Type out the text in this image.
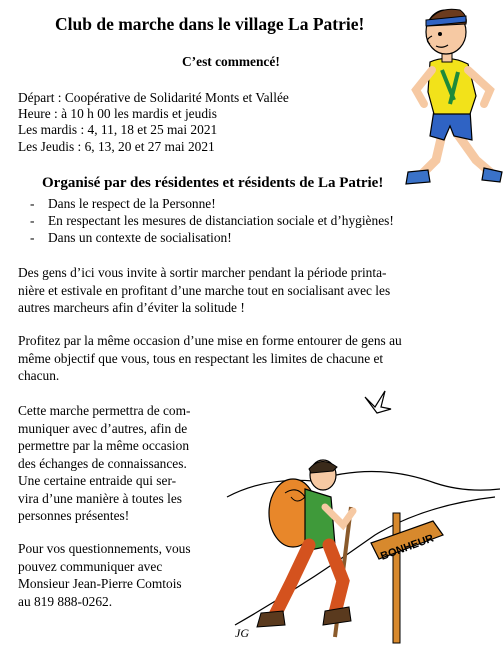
Club de marche dans le village La Patrie!
C’est commencé!
Départ : Coopérative de Solidarité Monts et Vallée
Heure : à 10 h 00 les mardis et jeudis
Les mardis : 4, 11, 18 et 25 mai 2021
Les Jeudis : 6, 13, 20 et 27 mai 2021
Organisé par des résidentes et résidents de La Patrie!
- Dans le respect de la Personne!
- En respectant les mesures de distanciation sociale et d’hygiènes!
- Dans un contexte de socialisation!
Des gens d’ici vous invite à sortir marcher pendant la période printa-
nière et estivale en profitant d’une marche tout en socialisant avec les
autres marcheurs afin d’éviter la solitude !
Profitez par la même occasion d’une mise en forme entourer de gens au
même objectif que vous, tous en respectant les limites de chacune et
chacun.
Cette marche permettra de com-
muniquer avec d’autres, afin de
permettre par la même occasion
des échanges de connaissances.
Une certaine entraide qui ser-
vira d’une manière à toutes les
personnes présentes!
Pour vos questionnements, vous
pouvez communiquer avec
Monsieur Jean-Pierre Comtois
au 819 888-0262.
BONHEUR
JG
